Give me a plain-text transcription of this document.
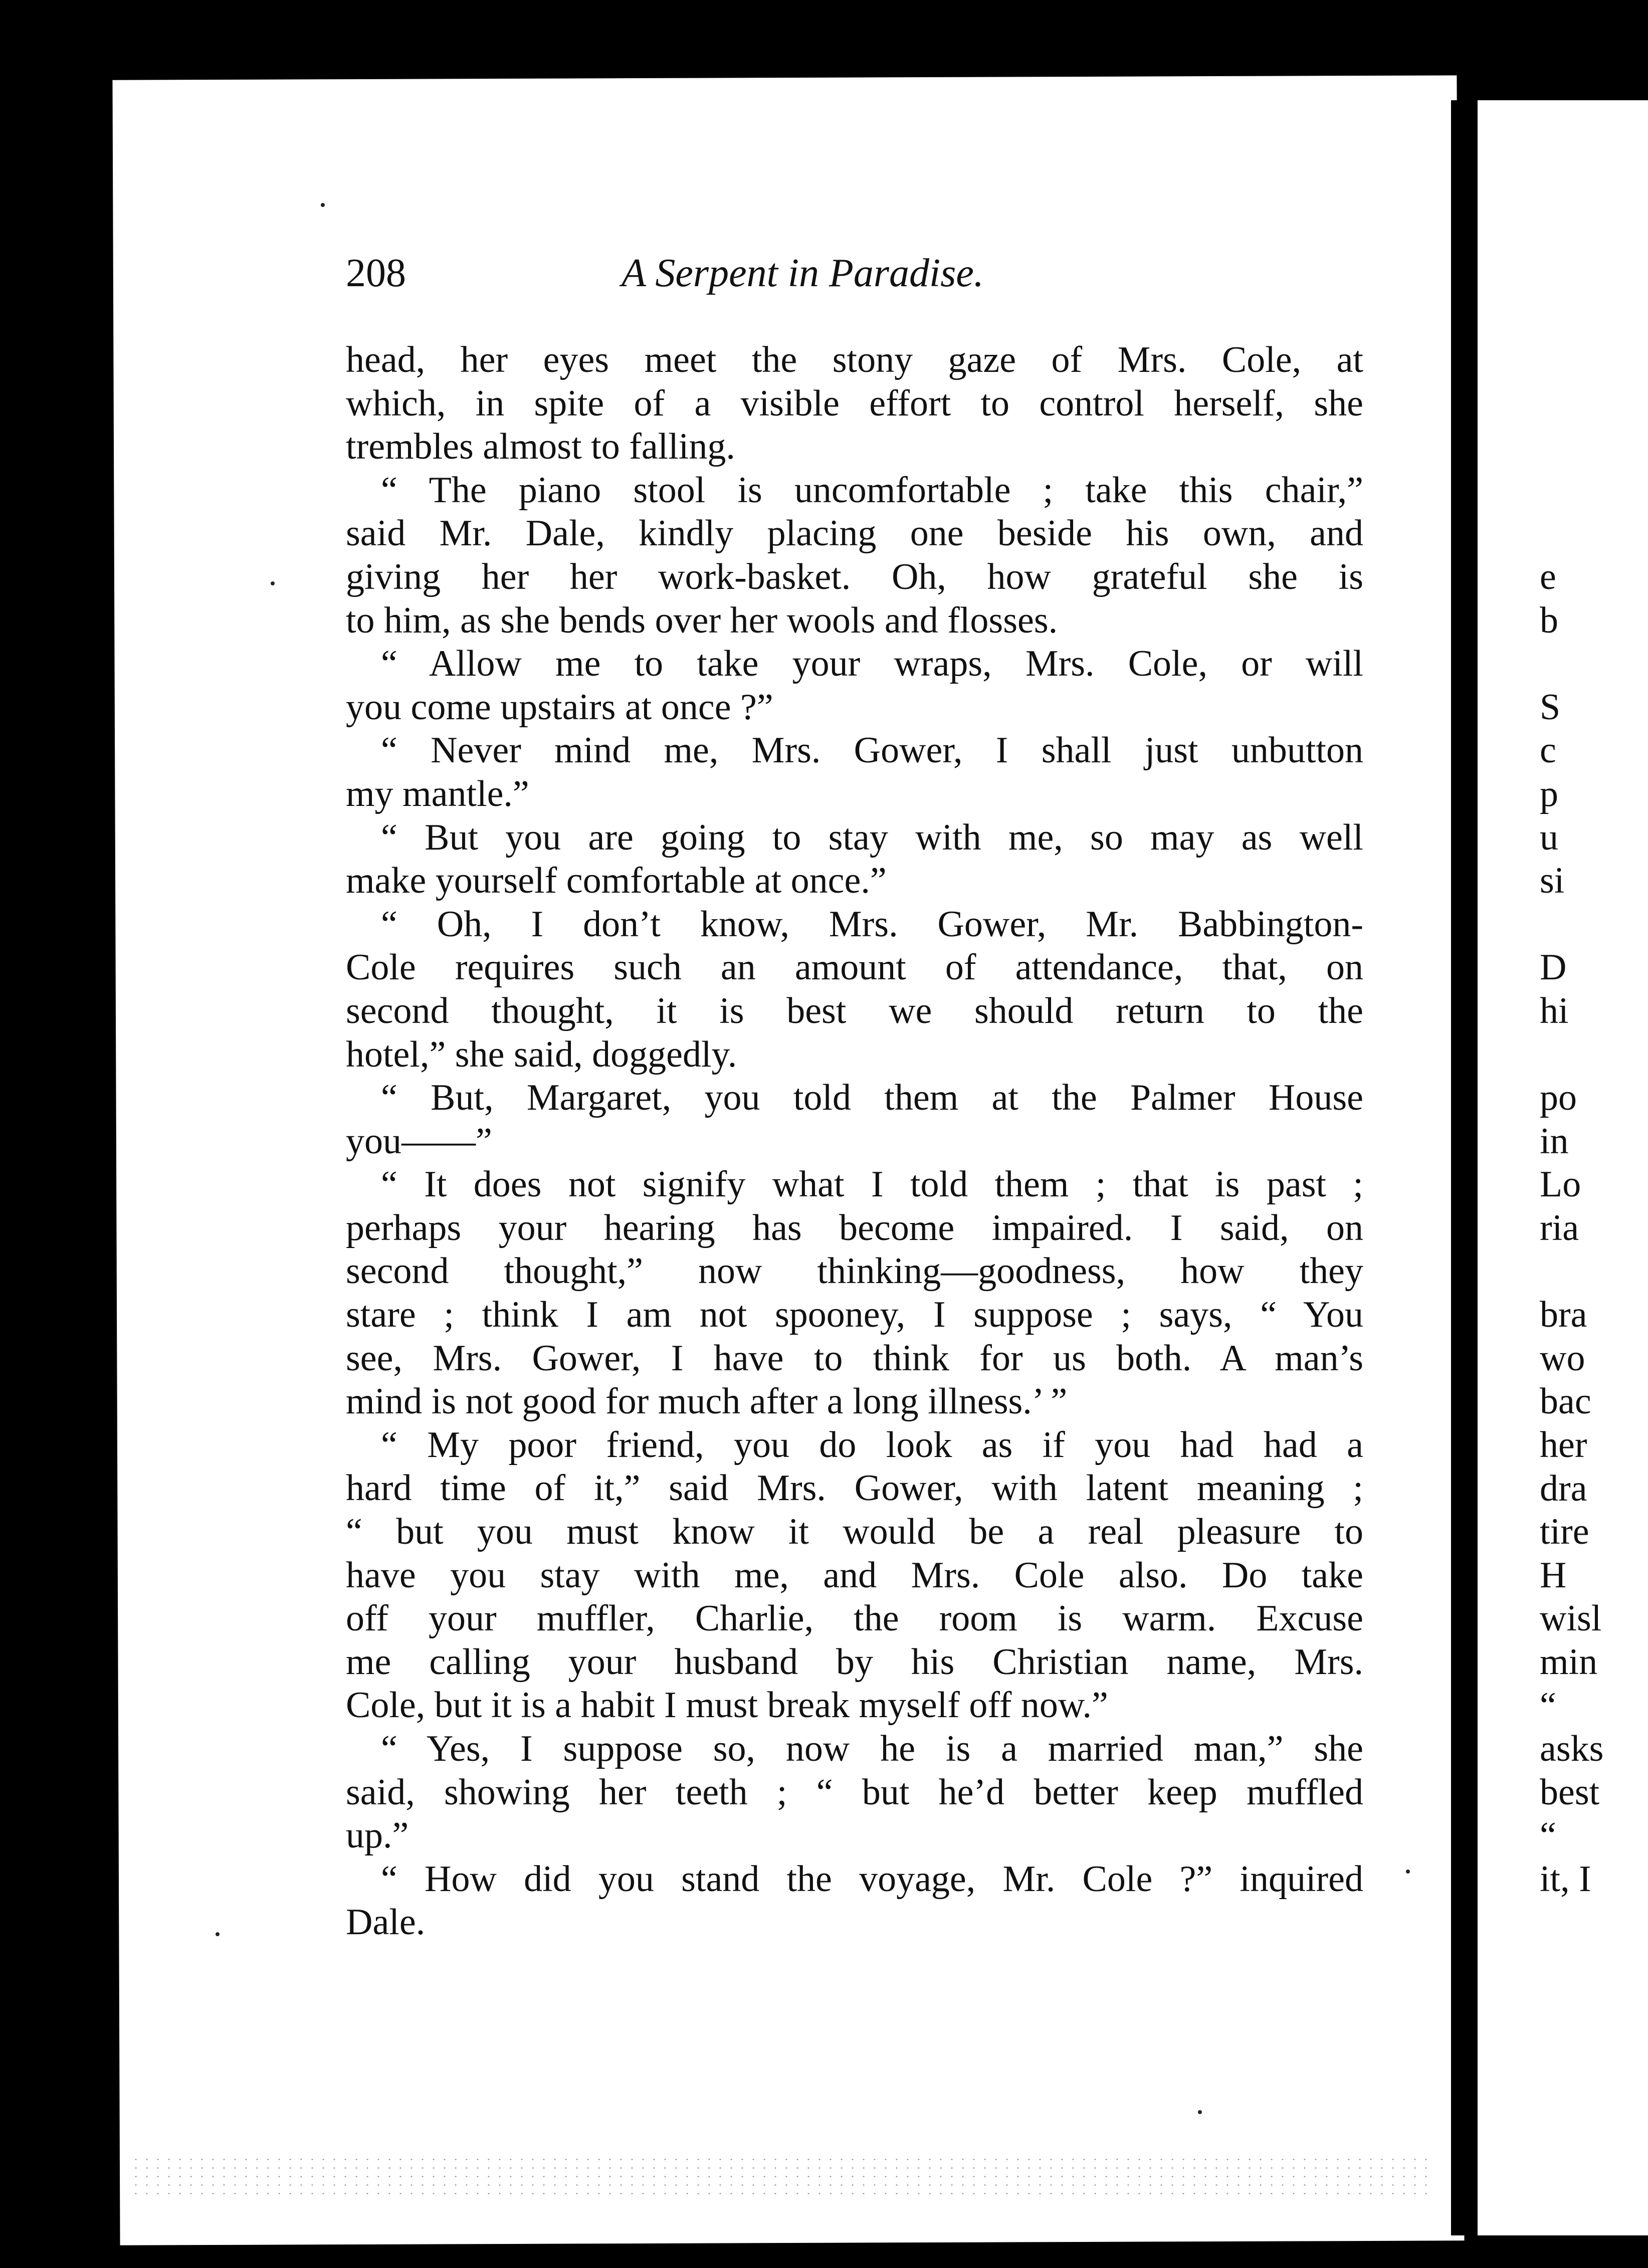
208	A Serpent in Paradise.
head, her eyes meet the stony gaze of Mrs. Cole, at
which, in spite of a visible effort to control herself, she
trembles almost to falling.
“ The piano stool is uncomfortable ; take this chair,”
said Mr. Dale, kindly placing one beside his own, and
giving her her work-basket. Oh, how grateful she is
to him, as she bends over her wools and flosses.
“ Allow me to take your wraps, Mrs. Cole, or will
you come upstairs at once ?”
“ Never mind me, Mrs. Gower, I shall just unbutton
my mantle.”
“ But you are going to stay with me, so may as well
make yourself comfortable at once.”
“ Oh, I don’t know, Mrs. Gower, Mr. Babbington-
Cole requires such an amount of attendance, that, on
second thought, it is best we should return to the
hotel,” she said, doggedly.
“ But, Margaret, you told them at the Palmer House
you——”
“ It does not signify what I told them ; that is past ;
perhaps your hearing has become impaired. I said, on
second thought,” now thinking—goodness, how they
stare ; think I am not spooney, I suppose ; says, “ You
see, Mrs. Gower, I have to think for us both. A man’s
mind is not good for much after a long illness.’ ”
“ My poor friend, you do look as if you had had a
hard time of it,” said Mrs. Gower, with latent meaning ;
“ but you must know it would be a real pleasure to
have you stay with me, and Mrs. Cole also. Do take
off your muffler, Charlie, the room is warm. Excuse
me calling your husband by his Christian name, Mrs.
Cole, but it is a habit I must break myself off now.”
“ Yes, I suppose so, now he is a married man,” she
said, showing her teeth ; “ but he’d better keep muffled
up.”
“ How did you stand the voyage, Mr. Cole ?” inquired
Dale.
e
b
S
c
p
u
si
D
hi
po
in
Lo
ria
bra
wo
bac
her
dra
tire
H
wisl
min
“
asks
best
“
it, I
